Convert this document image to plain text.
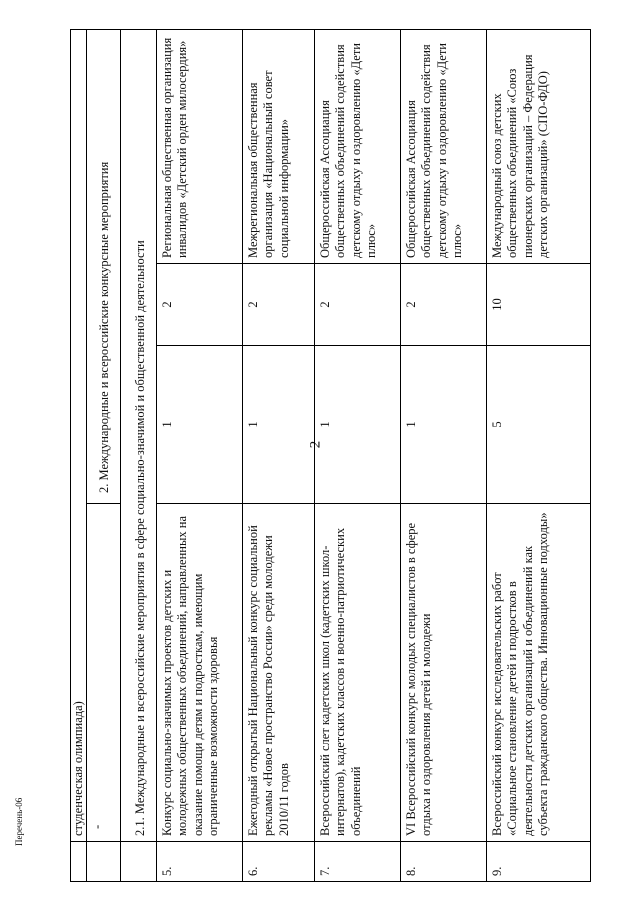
2
Перечень-06
		студенческая олимпиада)			
	-	2. Международные и всероссийские конкурсные мероприятия		
	2.1. Международные и всероссийские мероприятия в сфере социально-значимой и общественной деятельности			
5.	Конкурс социально-значимых проектов детских и молодежных общественных объединений, направленных на оказание помощи детям и подросткам, имеющим ограниченные возможности здоровья	1	2	Региональная общественная организация инвалидов «Детский орден милосердия»
6.	Ежегодный открытый Национальный конкурс социальной рекламы «Новое пространство России» среди молодежи 2010/11 годов	1	2	Межрегиональная общественная организация «Национальный совет социальной информации»
7.	Всероссийский слет кадетских школ (кадетских школ-интернатов), кадетских классов и военно-патриотических объединений	1	2	Общероссийская Ассоциация общественных объединений содействия детскому отдыху и оздоровлению «Дети плюс»
8.	VI Всероссийский конкурс молодых специалистов в сфере отдыха и оздоровления детей и молодежи	1	2	Общероссийская Ассоциация общественных объединений содействия детскому отдыху и оздоровлению «Дети плюс»
9.	Всероссийский конкурс исследовательских работ «Социальное становление детей и подростков в деятельности детских организаций и объединений как субъекта гражданского общества. Инновационные подходы»	5	10	Международный союз детских общественных объединений «Союз пионерских организаций – Федерация детских организаций» (СПО-ФДО)
